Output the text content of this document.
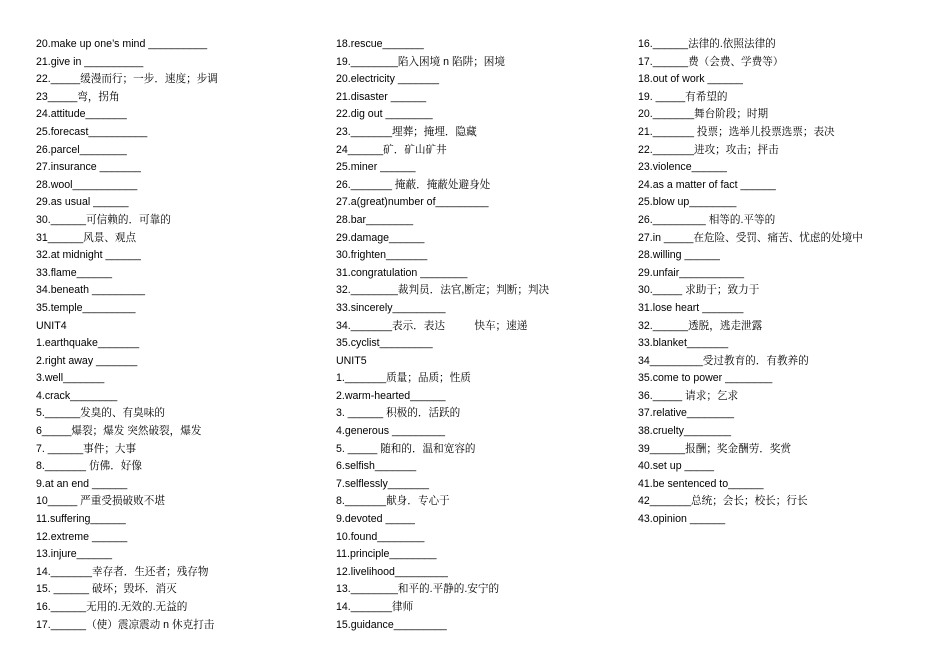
20.make up one’s mind __________
21.give in __________
22._____缓漫而行；一步．速度；步调
23_____弯，拐角
24.attitude_______
25.forecast__________
26.parcel________
27.insurance _______
28.wool___________
29.as usual ______
30.______可信赖的．可靠的
31______风景、观点
32.at midnight ______
33.flame______
34.beneath _________
35.temple_________
UNIT4
1.earthquake_______
2.right away _______
3.well_______
4.crack________
5.______发臭的、有臭味的
6_____爆裂；爆发 突然破裂，爆发
7. ______事件；大事
8._______ 仿佛．好像
9.at an end ______
10_____ 严重受损破败不堪
11.suffering______
12.extreme ______
13.injure______
14._______幸存者．生还者；残存物
15. ______ 破坏；毁坏．消灭
16.______无用的.无效的.无益的
17.______（使）震凉震动 n 休克打击
18.rescue_______
19.________陷入困境 n 陷阱；困境
20.electricity _______
21.disaster ______
22.dig out ________
23._______埋葬；掩埋．隐藏
24______矿．矿山矿井
25.miner ______
26._______ 掩蔽．掩蔽处避身处
27.a(great)number of_________
28.bar________
29.damage______
30.frighten_______
31.congratulation ________
32.________裁判员．法官,断定；判断；判决
33.sincerely_________
34._______表示．表达          快车；速递
35.cyclist_________
UNIT5
1._______质量；品质；性质
2.warm-hearted______
3. ______ 积极的．活跃的
4.generous _________
5. _____ 随和的．温和宽容的
6.selfish_______
7.selflessly_______
8._______献身．专心于
9.devoted _____
10.found________
11.principle________
12.livelihood_________
13.________和平的.平静的.安宁的
14._______律师
15.guidance_________
16.______法律的.依照法律的
17.______费（会费、学费等）
18.out of work ______
19. _____有希望的
20._______舞台阶段；时期
21._______ 投票；选举儿投票选票；表决
22._______进攻；攻击；抨击
23.violence______
24.as a matter of fact ______
25.blow up________
26._________ 相等的.平等的
27.in _____在危险、受罚、痛苦、忧虑的处境中
28.willing ______
29.unfair___________
30._____ 求助于；致力于
31.lose heart _______
32.______透脱，逃走泄露
33.blanket_______
34_________受过教育的．有教养的
35.come to power ________
36._____ 请求；乞求
37.relative________
38.cruelty________
39______报酬；奖金酬劳．奖赏
40.set up _____
41.be sentenced to______
42_______总统；会长；校长；行长
43.opinion ______
